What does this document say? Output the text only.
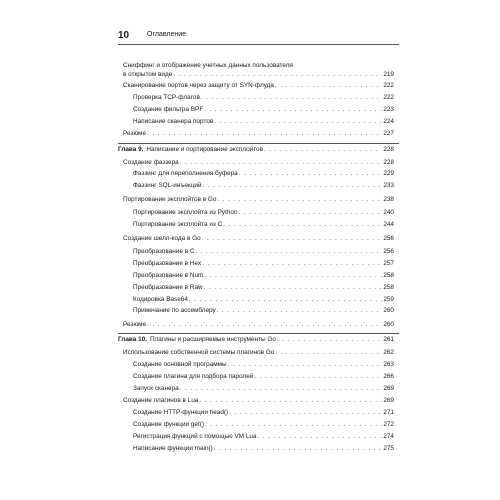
10	Оглавление
Сниффинг и отображение учетных данных пользователя
в открытом виде . . .	219
Сканирование портов через защиту от SYN-флуда . . .	222
Проверка TCP-флагов . . .	222
Создание фильтра BPF . . .	223
Написание сканера портов . . .	224
Резюме . . .	227
Глава 9. Написание и портирование эксплойтов . . .	228
Создание фаззера . . .	228
Фаззинг для переполнения буфера . . .	229
Фаззинг SQL-инъекций . . .	233
Портирование эксплойтов в Go . . .	238
Портирование эксплойта из Python . . .	240
Портирование эксплойта из C . . .	244
Создание шелл-кода в Go . . .	256
Преобразование в C . . .	256
Преобразование в Hex . . .	257
Преобразование в Num . . .	258
Преобразование в Raw . . .	258
Кодировка Base64 . . .	259
Примечание по ассемблеру . . .	260
Резюме . . .	260
Глава 10. Плагины и расширяемые инструменты Go . . .	261
Использование собственной системы плагинов Go . . .	262
Создание основной программы . . .	263
Создание плагина для подбора паролей . . .	266
Запуск сканера . . .	269
Создание плагинов в Lua . . .	269
Создание HTTP-функции head() . . .	271
Создание функции get() . . .	272
Регистрация функций с помощью VM Lua . . .	274
Написание функции main() . . .	275
